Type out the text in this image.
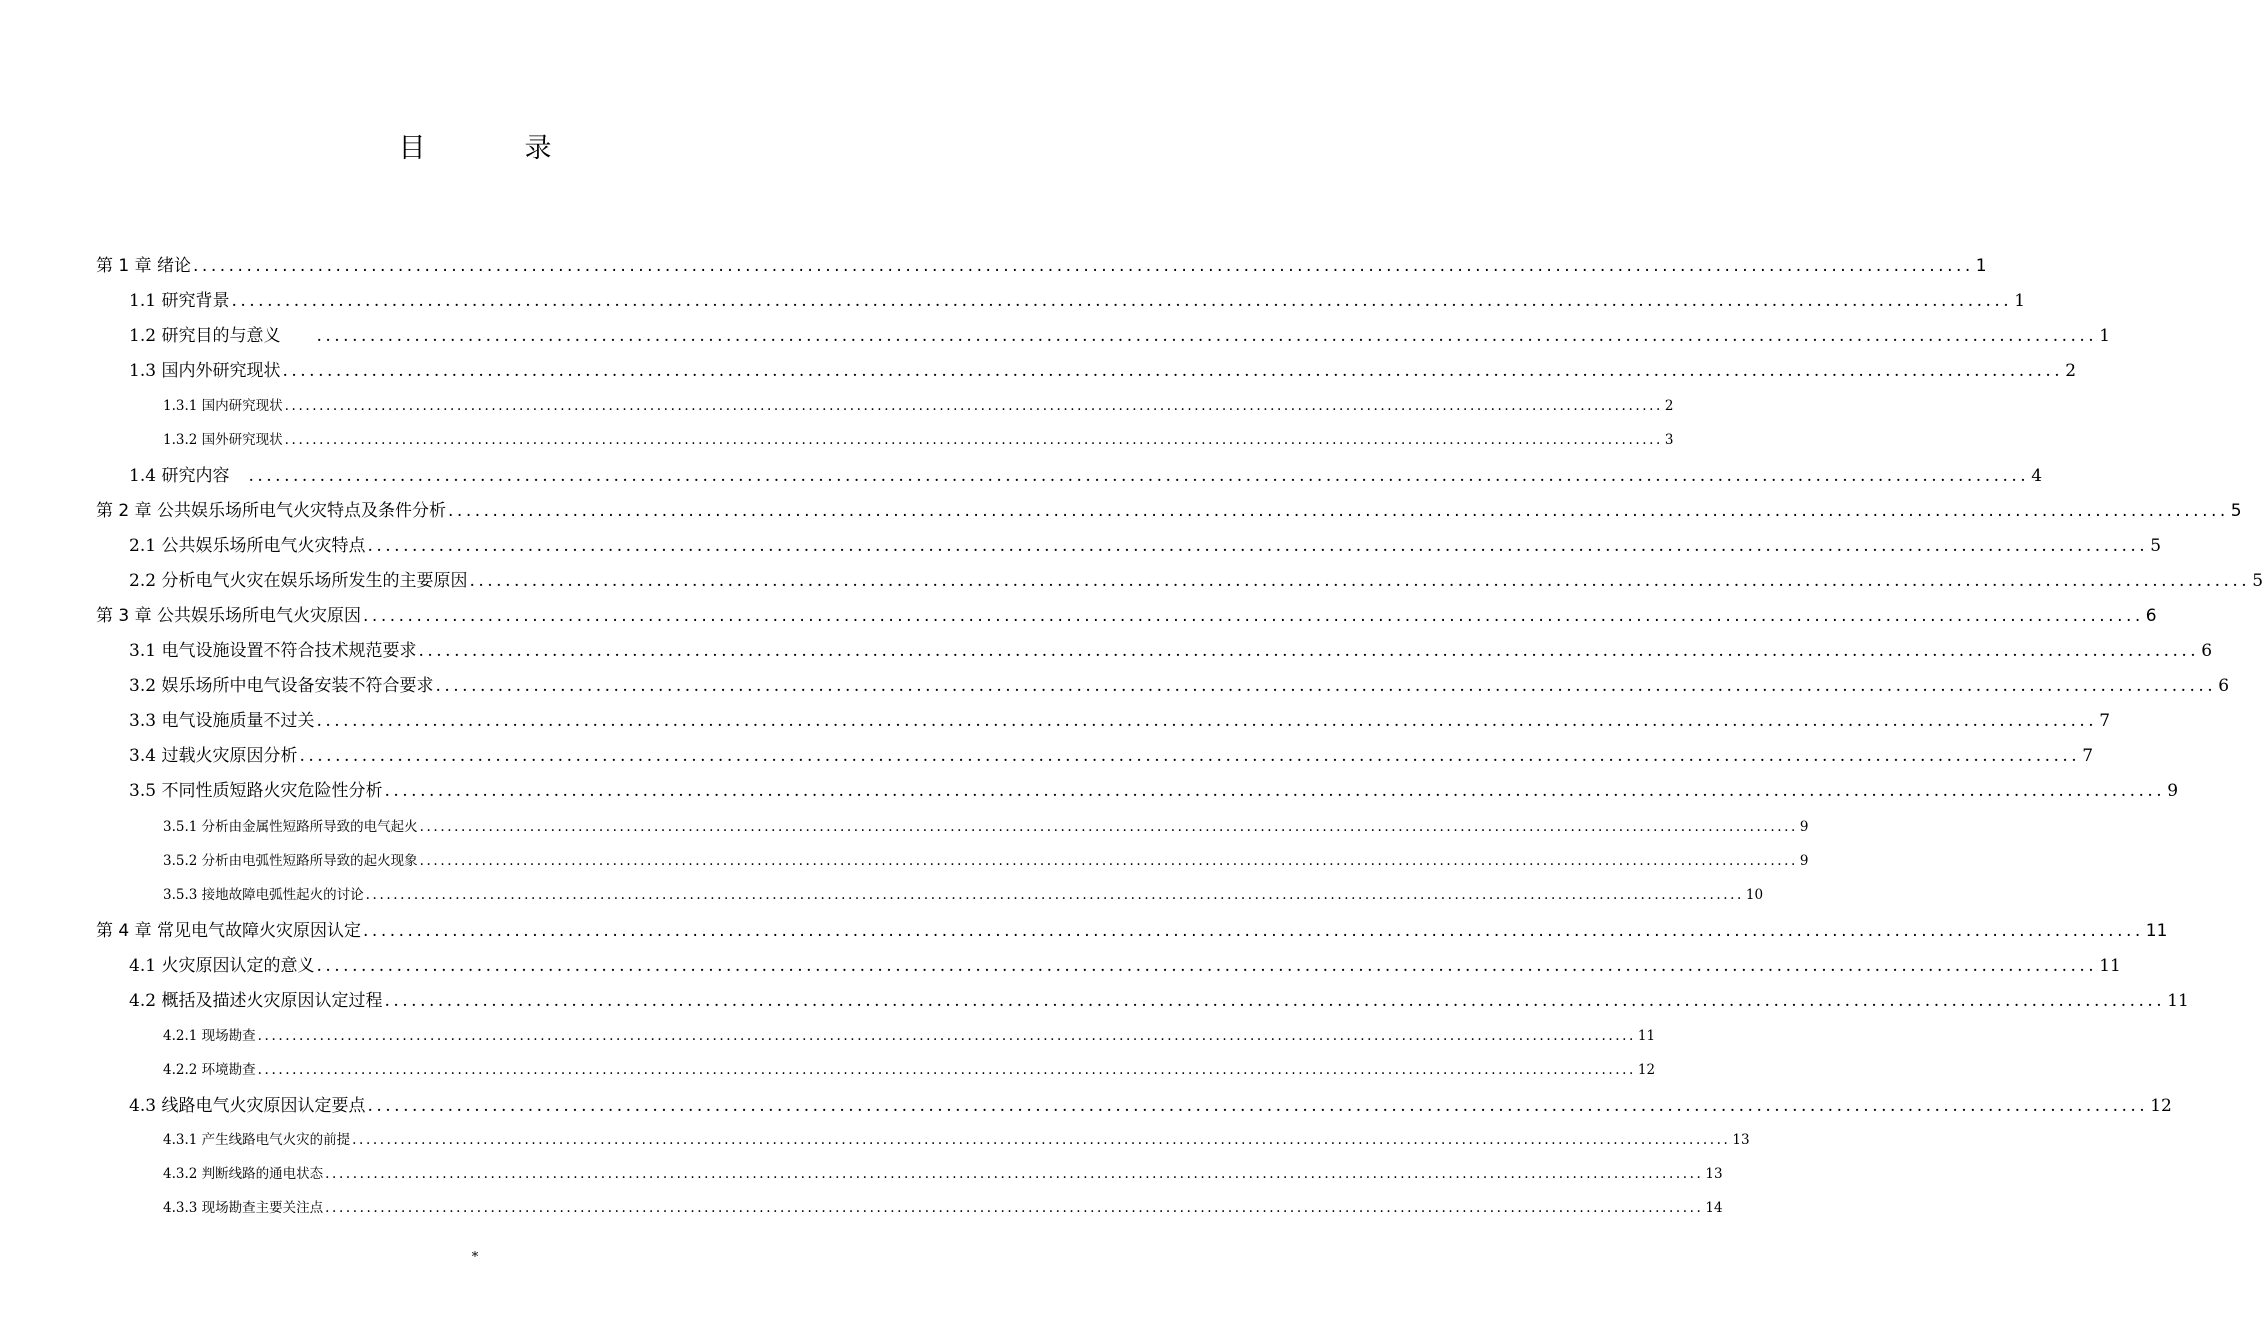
目　录
第 1 章 绪论 ........................................................................................................................................................................................................ 1
1.1 研究背景 ........................................................................................................................................................................................................ 1
1.2 研究目的与意义　　 ........................................................................................................................................................................................................ 1
1.3 国内外研究现状 ........................................................................................................................................................................................................ 2
1.3.1 国内研究现状 ........................................................................................................................................................................................................ 2
1.3.2 国外研究现状 ........................................................................................................................................................................................................ 3
1.4 研究内容　 ........................................................................................................................................................................................................ 4
第 2 章 公共娱乐场所电气火灾特点及条件分析 ........................................................................................................................................................................................................ 5
2.1 公共娱乐场所电气火灾特点 ........................................................................................................................................................................................................ 5
2.2 分析电气火灾在娱乐场所发生的主要原因 ........................................................................................................................................................................................................ 5
第 3 章 公共娱乐场所电气火灾原因 ........................................................................................................................................................................................................ 6
3.1 电气设施设置不符合技术规范要求 ........................................................................................................................................................................................................ 6
3.2 娱乐场所中电气设备安装不符合要求 ........................................................................................................................................................................................................ 6
3.3 电气设施质量不过关 ........................................................................................................................................................................................................ 7
3.4 过载火灾原因分析 ........................................................................................................................................................................................................ 7
3.5 不同性质短路火灾危险性分析 ........................................................................................................................................................................................................ 9
3.5.1 分析由金属性短路所导致的电气起火 ........................................................................................................................................................................................................ 9
3.5.2 分析由电弧性短路所导致的起火现象 ........................................................................................................................................................................................................ 9
3.5.3 接地故障电弧性起火的讨论 ........................................................................................................................................................................................................ 10
第 4 章 常见电气故障火灾原因认定 ........................................................................................................................................................................................................ 11
4.1 火灾原因认定的意义 ........................................................................................................................................................................................................ 11
4.2 概括及描述火灾原因认定过程 ........................................................................................................................................................................................................ 11
4.2.1 现场勘查 ........................................................................................................................................................................................................ 11
4.2.2 环境勘查 ........................................................................................................................................................................................................ 12
4.3 线路电气火灾原因认定要点 ........................................................................................................................................................................................................ 12
4.3.1 产生线路电气火灾的前提 ........................................................................................................................................................................................................ 13
4.3.2 判断线路的通电状态 ........................................................................................................................................................................................................ 13
4.3.3 现场勘查主要关注点 ........................................................................................................................................................................................................ 14
*
